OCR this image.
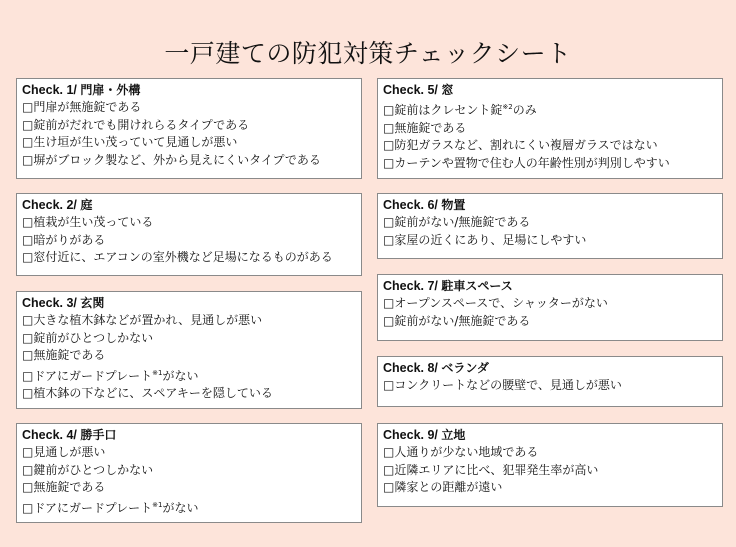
一戸建ての防犯対策チェックシート
Check. 1/ 門扉・外構
□門扉が無施錠である
□錠前がだれでも開けれらるタイプである
□生け垣が生い茂っていて見通しが悪い
□塀がブロック製など、外から見えにくいタイプである
Check. 2/ 庭
□植栽が生い茂っている
□暗がりがある
□窓付近に、エアコンの室外機など足場になるものがある
Check. 3/ 玄関
□大きな植木鉢などが置かれ、見通しが悪い
□錠前がひとつしかない
□無施錠である
□ドアにガードプレート$^{※1}$がない
□植木鉢の下などに、スペアキーを隠している
Check. 4/ 勝手口
□見通しが悪い
□鍵前がひとつしかない
□無施錠である
□ドアにガードプレート$^{※1}$がない
Check. 5/ 窓
□錠前はクレセント錠$^{※2}$のみ
□無施錠である
□防犯ガラスなど、割れにくい複層ガラスではない
□カーテンや置物で住む人の年齢性別が判別しやすい
Check. 6/ 物置
□錠前がない/無施錠である
□家屋の近くにあり、足場にしやすい
Check. 7/ 駐車スペース
□オープンスペースで、シャッターがない
□錠前がない/無施錠である
Check. 8/ ベランダ
□コンクリートなどの腰壁で、見通しが悪い
Check. 9/ 立地
□人通りが少ない地域である
□近隣エリアに比べ、犯罪発生率が高い
□隣家との距離が遠い
